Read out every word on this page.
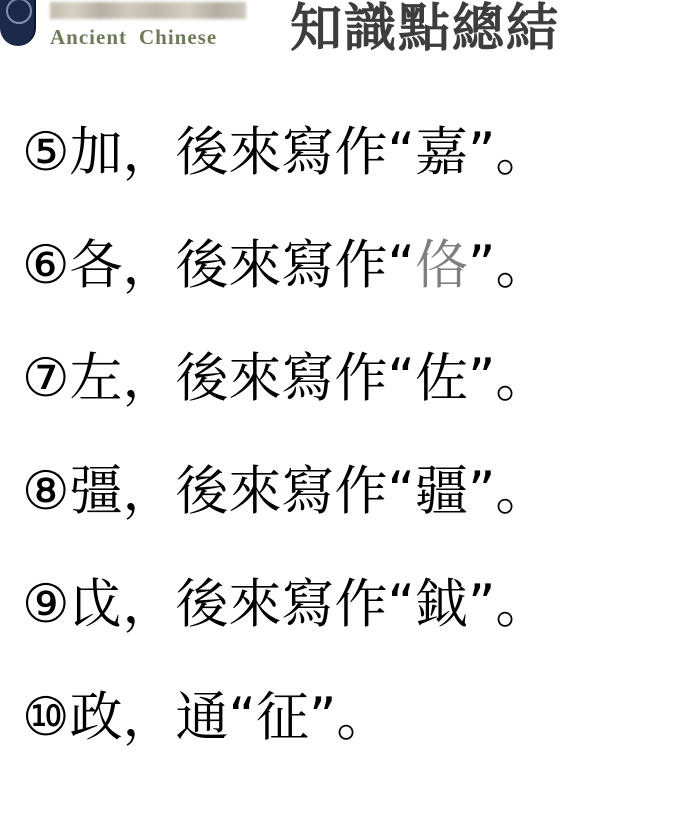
Ancient Chinese 知識點總結
⑤加，後來寫作“嘉”。
⑥各，後來寫作“佫”。
⑦左，後來寫作“佐”。
⑧彊，後來寫作“疆”。
⑨戉，後來寫作“鉞”。
⑩政，通“征”。
